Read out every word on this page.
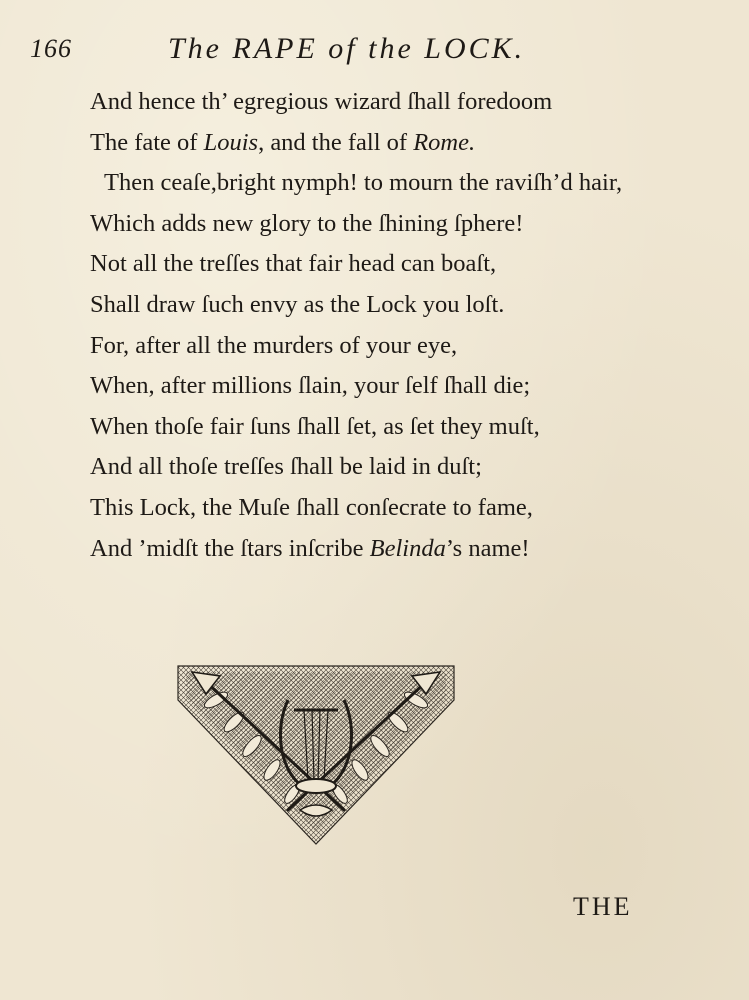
166	The RAPE of the LOCK.
And hence th’ egregious wizard ſhall foredoom
The fate of Louis, and the fall of Rome.
Then ceaſe,bright nymph! to mourn the raviſh’d hair,
Which adds new glory to the ſhining ſphere!
Not all the treſſes that fair head can boaſt,
Shall draw ſuch envy as the Lock you loſt.
For, after all the murders of your eye,
When, after millions ſlain, your ſelf ſhall die;
When thoſe fair ſuns ſhall ſet, as ſet they muſt,
And all thoſe treſſes ſhall be laid in duſt;
This Lock, the Muſe ſhall conſecrate to fame,
And ’midſt the ſtars inſcribe Belinda’s name!
THE
